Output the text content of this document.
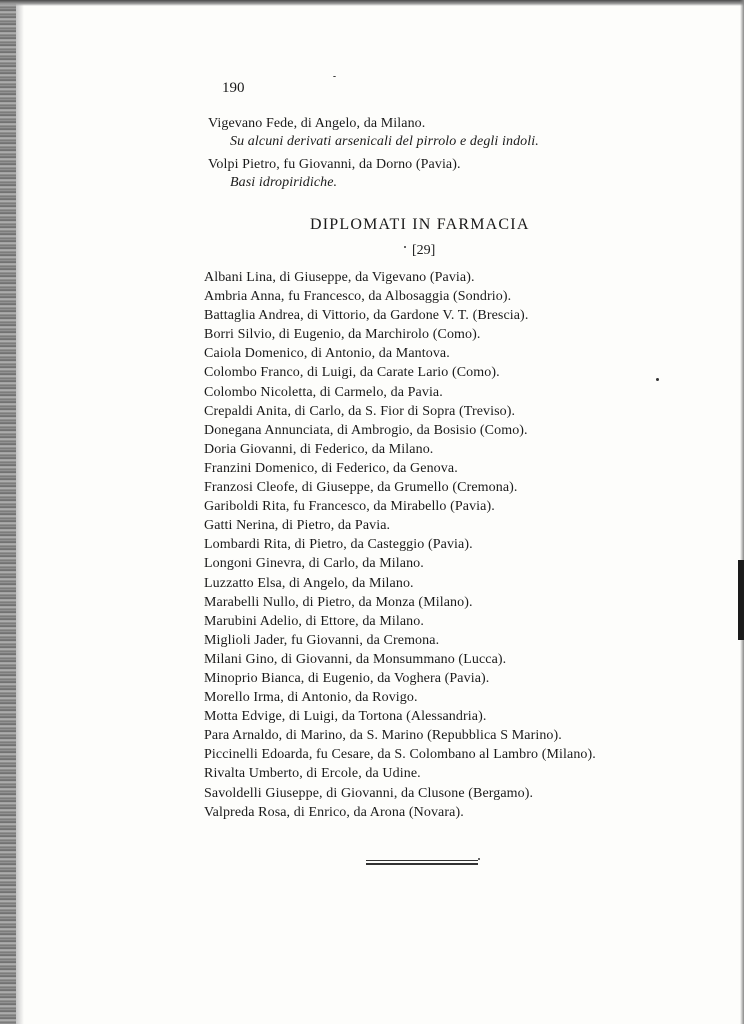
190
Vigevano Fede, di Angelo, da Milano.
Su alcuni derivati arsenicali del pirrolo e degli indoli.
Volpi Pietro, fu Giovanni, da Dorno (Pavia).
Basi idropiridiche.
DIPLOMATI IN FARMACIA
[29]
Albani Lina, di Giuseppe, da Vigevano (Pavia).
Ambria Anna, fu Francesco, da Albosaggia (Sondrio).
Battaglia Andrea, di Vittorio, da Gardone V. T. (Brescia).
Borri Silvio, di Eugenio, da Marchirolo (Como).
Caiola Domenico, di Antonio, da Mantova.
Colombo Franco, di Luigi, da Carate Lario (Como).
Colombo Nicoletta, di Carmelo, da Pavia.
Crepaldi Anita, di Carlo, da S. Fior di Sopra (Treviso).
Donegana Annunciata, di Ambrogio, da Bosisio (Como).
Doria Giovanni, di Federico, da Milano.
Franzini Domenico, di Federico, da Genova.
Franzosi Cleofe, di Giuseppe, da Grumello (Cremona).
Gariboldi Rita, fu Francesco, da Mirabello (Pavia).
Gatti Nerina, di Pietro, da Pavia.
Lombardi Rita, di Pietro, da Casteggio (Pavia).
Longoni Ginevra, di Carlo, da Milano.
Luzzatto Elsa, di Angelo, da Milano.
Marabelli Nullo, di Pietro, da Monza (Milano).
Marubini Adelio, di Ettore, da Milano.
Miglioli Jader, fu Giovanni, da Cremona.
Milani Gino, di Giovanni, da Monsummano (Lucca).
Minoprio Bianca, di Eugenio, da Voghera (Pavia).
Morello Irma, di Antonio, da Rovigo.
Motta Edvige, di Luigi, da Tortona (Alessandria).
Para Arnaldo, di Marino, da S. Marino (Repubblica S Marino).
Piccinelli Edoarda, fu Cesare, da S. Colombano al Lambro (Milano).
Rivalta Umberto, di Ercole, da Udine.
Savoldelli Giuseppe, di Giovanni, da Clusone (Bergamo).
Valpreda Rosa, di Enrico, da Arona (Novara).
